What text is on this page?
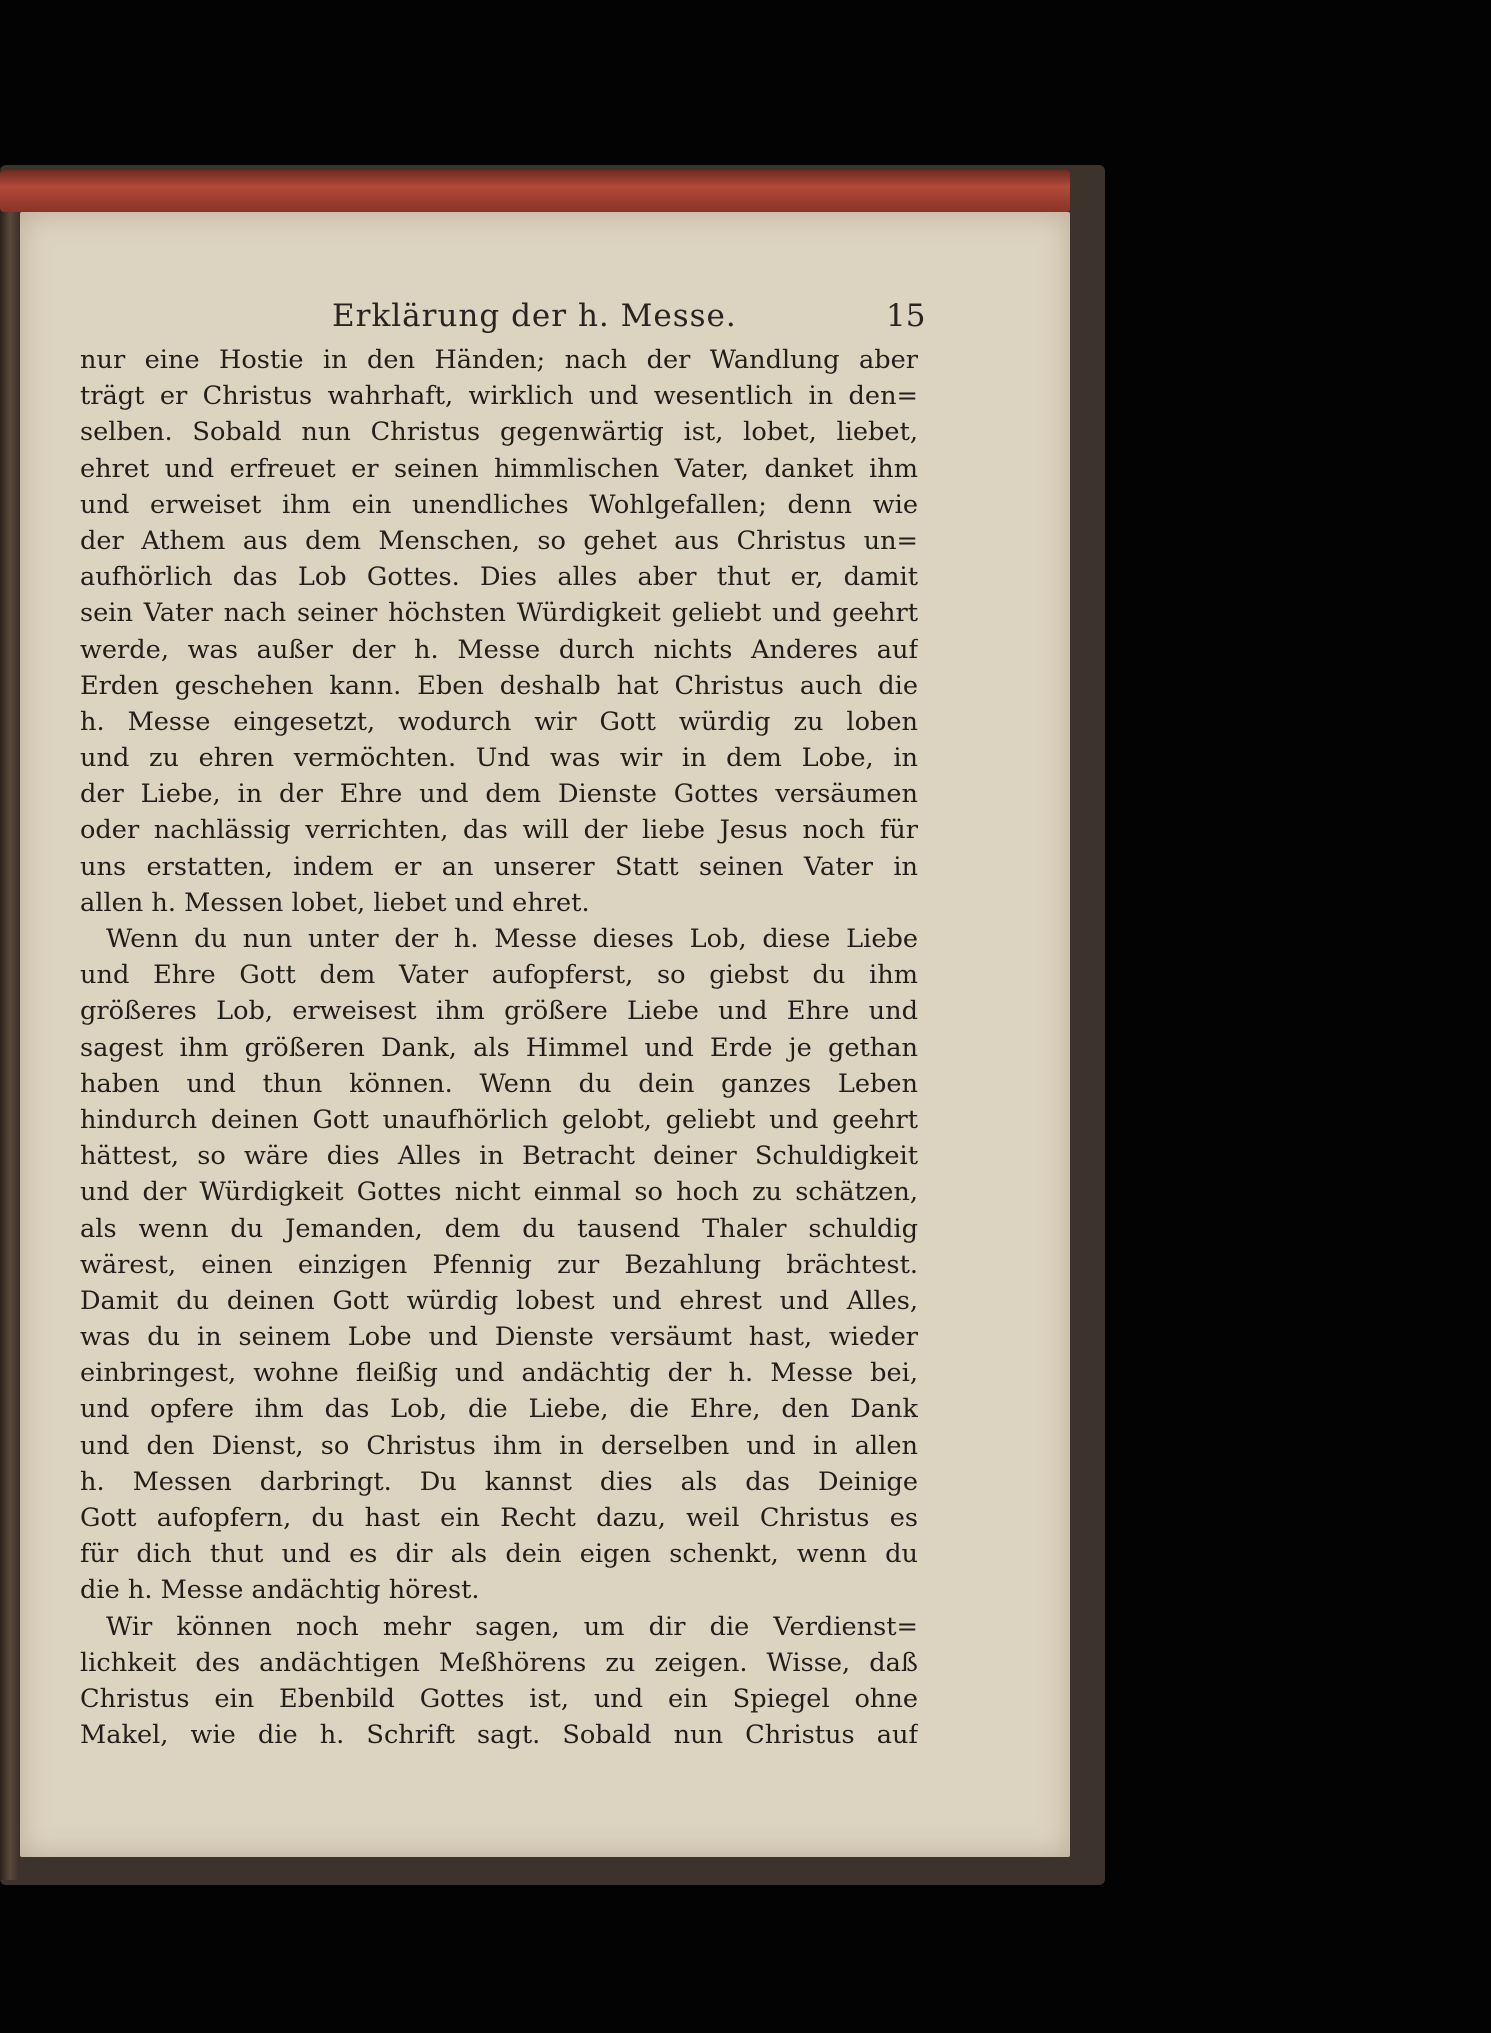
Erklärung der h. Messe.	15
nur eine Hostie in den Händen; nach der Wandlung aber
trägt er Christus wahrhaft, wirklich und wesentlich in den=
selben. Sobald nun Christus gegenwärtig ist, lobet, liebet,
ehret und erfreuet er seinen himmlischen Vater, danket ihm
und erweiset ihm ein unendliches Wohlgefallen; denn wie
der Athem aus dem Menschen, so gehet aus Christus un=
aufhörlich das Lob Gottes. Dies alles aber thut er, damit
sein Vater nach seiner höchsten Würdigkeit geliebt und geehrt
werde, was außer der h. Messe durch nichts Anderes auf
Erden geschehen kann. Eben deshalb hat Christus auch die
h. Messe eingesetzt, wodurch wir Gott würdig zu loben
und zu ehren vermöchten. Und was wir in dem Lobe, in
der Liebe, in der Ehre und dem Dienste Gottes versäumen
oder nachlässig verrichten, das will der liebe Jesus noch für
uns erstatten, indem er an unserer Statt seinen Vater in
allen h. Messen lobet, liebet und ehret.
Wenn du nun unter der h. Messe dieses Lob, diese Liebe
und Ehre Gott dem Vater aufopferst, so giebst du ihm
größeres Lob, erweisest ihm größere Liebe und Ehre und
sagest ihm größeren Dank, als Himmel und Erde je gethan
haben und thun können. Wenn du dein ganzes Leben
hindurch deinen Gott unaufhörlich gelobt, geliebt und geehrt
hättest, so wäre dies Alles in Betracht deiner Schuldigkeit
und der Würdigkeit Gottes nicht einmal so hoch zu schätzen,
als wenn du Jemanden, dem du tausend Thaler schuldig
wärest, einen einzigen Pfennig zur Bezahlung brächtest.
Damit du deinen Gott würdig lobest und ehrest und Alles,
was du in seinem Lobe und Dienste versäumt hast, wieder
einbringest, wohne fleißig und andächtig der h. Messe bei,
und opfere ihm das Lob, die Liebe, die Ehre, den Dank
und den Dienst, so Christus ihm in derselben und in allen
h. Messen darbringt. Du kannst dies als das Deinige
Gott aufopfern, du hast ein Recht dazu, weil Christus es
für dich thut und es dir als dein eigen schenkt, wenn du
die h. Messe andächtig hörest.
Wir können noch mehr sagen, um dir die Verdienst=
lichkeit des andächtigen Meßhörens zu zeigen. Wisse, daß
Christus ein Ebenbild Gottes ist, und ein Spiegel ohne
Makel, wie die h. Schrift sagt. Sobald nun Christus auf
